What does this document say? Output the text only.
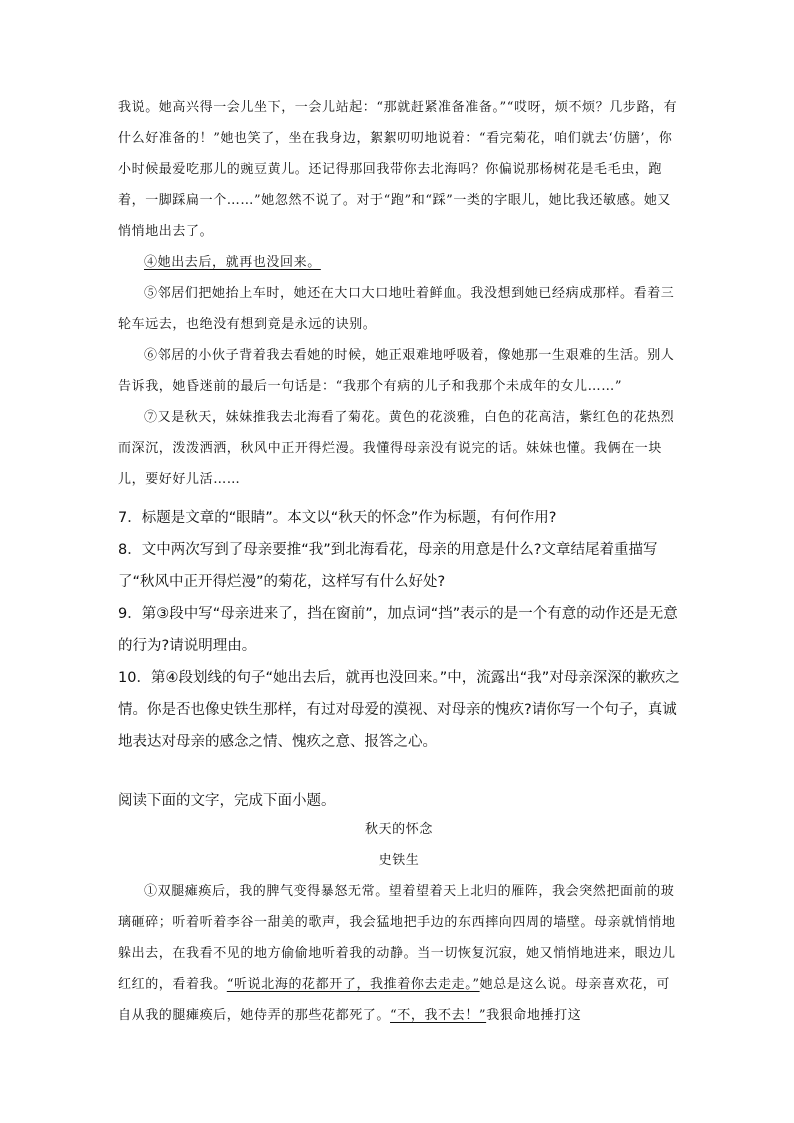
我说。她高兴得一会儿坐下，一会儿站起：“那就赶紧准备准备。”“哎呀，烦不烦？几步路，有什么好准备的！”她也笑了，坐在我身边，絮絮叨叨地说着：“看完菊花，咱们就去‘仿膳’，你小时候最爱吃那儿的豌豆黄儿。还记得那回我带你去北海吗？你偏说那杨树花是毛毛虫，跑着，一脚踩扁一个……”她忽然不说了。对于“跑”和“踩”一类的字眼儿，她比我还敏感。她又悄悄地出去了。

④她出去后，就再也没回来。

⑤邻居们把她抬上车时，她还在大口大口地吐着鲜血。我没想到她已经病成那样。看着三轮车远去，也绝没有想到竟是永远的诀别。

⑥邻居的小伙子背着我去看她的时候，她正艰难地呼吸着，像她那一生艰难的生活。别人告诉我，她昏迷前的最后一句话是：“我那个有病的儿子和我那个未成年的女儿……”

⑦又是秋天，妹妹推我去北海看了菊花。黄色的花淡雅，白色的花高洁，紫红色的花热烈而深沉，泼泼洒洒，秋风中正开得烂漫。我懂得母亲没有说完的话。妹妹也懂。我俩在一块儿，要好好儿活……

7．标题是文章的“眼睛”。本文以“秋天的怀念”作为标题，有何作用?

8．文中两次写到了母亲要推“我”到北海看花，母亲的用意是什么?文章结尾着重描写了“秋风中正开得烂漫”的菊花，这样写有什么好处?

9．第③段中写“母亲进来了，挡在窗前”，加点词“挡”表示的是一个有意的动作还是无意的行为?请说明理由。

10．第④段划线的句子“她出去后，就再也没回来。”中，流露出“我”对母亲深深的歉疚之情。你是否也像史铁生那样，有过对母爱的漠视、对母亲的愧疚?请你写一个句子，真诚地表达对母亲的感念之情、愧疚之意、报答之心。

阅读下面的文字，完成下面小题。

秋天的怀念

史铁生

①双腿瘫痪后，我的脾气变得暴怒无常。望着望着天上北归的雁阵，我会突然把面前的玻璃砸碎；听着听着李谷一甜美的歌声，我会猛地把手边的东西摔向四周的墙壁。母亲就悄悄地躲出去，在我看不见的地方偷偷地听着我的动静。当一切恢复沉寂，她又悄悄地进来，眼边儿红红的，看着我。“听说北海的花都开了，我推着你去走走。”她总是这么说。母亲喜欢花，可自从我的腿瘫痪后，她侍弄的那些花都死了。“不，我不去！”我狠命地捶打这
